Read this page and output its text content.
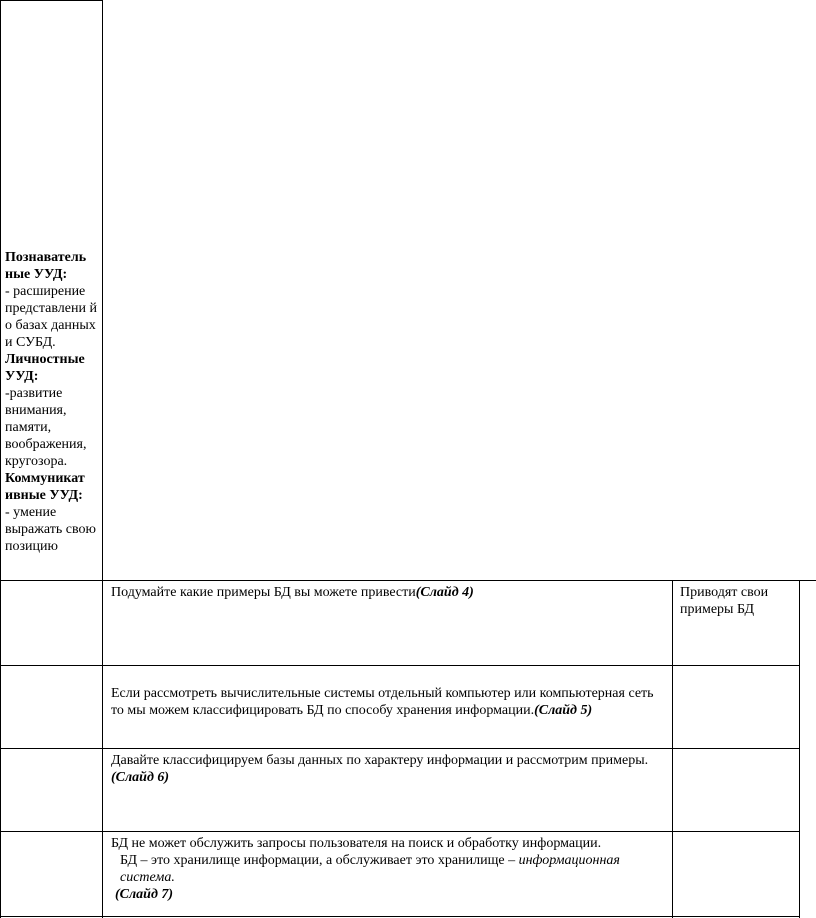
Познаватель ные УУД:

- расширение представлени й о базах данных и СУБД.

Личностные УУД:

-развитие внимания, памяти, воображения, кругозора.

Коммуникат ивные УУД:

- умение выражать свою позицию

Подумайте какие примеры БД вы можете привести(Слайд 4)	Приводят свои примеры БД
Если рассмотреть вычислительные системы отдельный компьютер или компьютерная сеть то мы можем классифицировать БД по способу хранения информации.(Слайд 5)
Давайте классифицируем базы данных по характеру информации и рассмотрим примеры.
(Слайд 6)

БД не может обслужить запросы пользователя на поиск и обработку информации.

БД – это хранилище информации, а обслуживает это хранилище – информационная система.

(Слайд 7)
